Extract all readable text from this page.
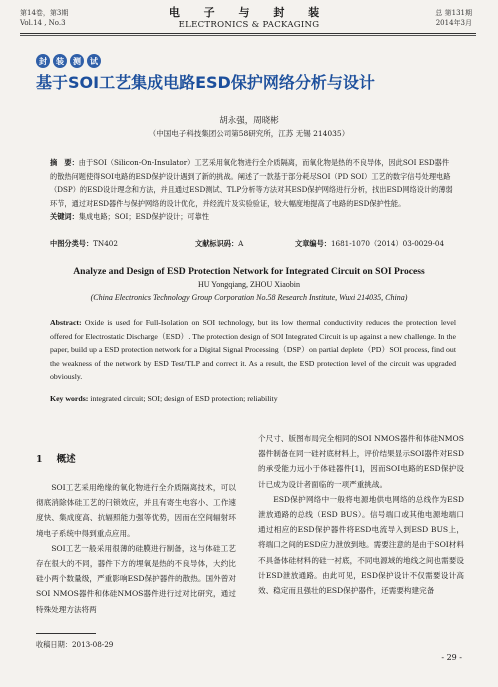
第14卷，第3期
Vol.14 , No.3
电 子 与 封 装
ELECTRONICS & PACKAGING
总 第131期
2014年3月
封	装	测	试
基于SOI工艺集成电路ESD保护网络分析与设计
胡永强，周晓彬
（中国电子科技集团公司第58研究所，江苏 无锡 214035）
摘　要：由于SOI（Silicon-On-Insulator）工艺采用氧化物进行全介质隔离，而氧化物是热的不良导体，因此SOI ESD器件的散热问题使得SOI电路的ESD保护设计遇到了新的挑战。阐述了一款基于部分耗尽SOI（PD SOI）工艺的数字信号处理电路（DSP）的ESD设计理念和方法，并且通过ESD测试、TLP分析等方法对其ESD保护网络进行分析，找出ESD网络设计的薄弱环节，通过对ESD器件与保护网络的设计优化，并经流片及实验验证，较大幅度地提高了电路的ESD保护性能。
关键词：集成电路；SOI；ESD保护设计；可靠性
中图分类号：TN402	文献标识码：A	文章编号：1681-1070（2014）03-0029-04
Analyze and Design of ESD Protection Network for Integrated Circuit on SOI Process
HU Yongqiang, ZHOU Xiaobin
(China Electronics Technology Group Corporation No.58 Research Institute, Wuxi 214035, China)
Abstract: Oxide is used for Full-Isolation on SOI technology, but its low thermal conductivity reduces the protection level offered for Electrostatic Discharge（ESD）. The protection design of SOI Integrated Circuit is up against a new challenge. In the paper, build up a ESD protection network for a Digital Signal Processing（DSP）on partial deplete（PD）SOI process, find out the weakness of the network by ESD Test/TLP and correct it. As a result, the ESD protection level of the circuit was upgraded obviously.
Key words: integrated circuit; SOI; design of ESD protection; reliability
1 概述
SOI工艺采用绝缘的氧化物进行全介质隔离技术，可以彻底消除体硅工艺的闩锁效应，并且有寄生电容小、工作速度快、集成度高、抗辐照能力强等优势，因而在空间辐射环境电子系统中得到重点应用。
SOI工艺一般采用很薄的硅膜进行制备，这与体硅工艺存在很大的不同，器件下方的埋氧是热的不良导体，大约比硅小两个数量级，严重影响ESD保护器件的散热。国外曾对SOI NMOS器件和体硅NMOS器件进行过对比研究，通过特殊处理方法将两
个尺寸、版图布局完全相同的SOI NMOS器件和体硅NMOS器件制备在同一硅衬底材料上，评价结果显示SOI器件对ESD的承受能力远小于体硅器件[1]，因而SOI电路的ESD保护设计已成为设计者面临的一项严重挑战。
ESD保护网络中一般将电源地供电网络的总线作为ESD泄放通路的总线（ESD BUS）。信号端口或其他电源地端口通过相应的ESD保护器件将ESD电流导入到ESD BUS上，将端口之间的ESD应力泄放到地。需要注意的是由于SOI材料不具备体硅材料的硅一衬底，不同电源域的地线之间也需要设计ESD泄放通路。由此可见，ESD保护设计不仅需要设计高效、稳定而且强壮的ESD保护器件，还需要构建完备
收稿日期：2013-08-29
- 29 -
